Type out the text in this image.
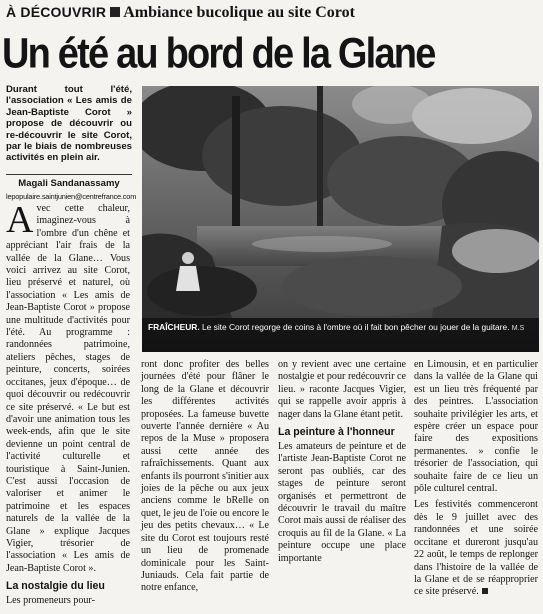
À DÉCOUVRIR Ambiance bucolique au site Corot
Un été au bord de la Glane
Durant tout l'été, l'association « Les amis de Jean-Baptiste Corot » propose de découvrir ou re-découvrir le site Corot, par le biais de nombreuses activités en plein air.
Magali Sandanassamy
lepopulaire.saintjunien@centrefrance.com
FRAÎCHEUR. Le site Corot regorge de coins à l'ombre où il fait bon pêcher ou jouer de la guitare. M.S

Avec cette chaleur, imaginez-vous à l'ombre d'un chêne et appréciant l'air frais de la vallée de la Glane… Vous voici arrivez au site Corot, lieu préservé et naturel, où l'association « Les amis de Jean-Baptiste Corot » propose une multitude d'activités pour l'été. Au programme : randonnées patrimoine, ateliers pêches, stages de peinture, concerts, soirées occitanes, jeux d'époque… de quoi découvrir ou redécouvrir ce site préservé. « Le but est d'avoir une animation tous les week-ends, afin que le site devienne un point central de l'activité culturelle et touristique à Saint-Junien. C'est aussi l'occasion de valoriser et animer le patrimoine et les espaces naturels de la vallée de la Glane » explique Jacques Vigier, trésorier de l'association « Les amis de Jean-Baptiste Corot ».

La nostalgie du lieu

Les promeneurs pour-

ront donc profiter des belles journées d'été pour flâner le long de la Glane et découvrir les différentes activités proposées. La fameuse buvette ouverte l'année dernière « Au repos de la Muse » proposera aussi cette année des rafraîchissements. Quant aux enfants ils pourront s'initier aux joies de la pêche ou aux jeux anciens comme le bRelle on quet, le jeu de l'oie ou encore le jeu des petits chevaux… « Le site du Corot est toujours resté un lieu de promenade dominicale pour les Saint-Juniauds. Cela fait partie de notre enfance,

on y revient avec une certaine nostalgie et pour redécouvrir ce lieu. » raconte Jacques Vigier, qui se rappelle avoir appris à nager dans la Glane étant petit.

La peinture à l'honneur

Les amateurs de peinture et de l'artiste Jean-Baptiste Corot ne seront pas oubliés, car des stages de peinture seront organisés et permettront de découvrir le travail du maître Corot mais aussi de réaliser des croquis au fil de la Glane. « La peinture occupe une place importante

en Limousin, et en particulier dans la vallée de la Glane qui est un lieu très fréquenté par des peintres. L'association souhaite privilégier les arts, et espère créer un espace pour faire des expositions permanentes. » confie le trésorier de l'association, qui souhaite faire de ce lieu un pôle culturel central.

Les festivités commenceront dès le 9 juillet avec des randonnées et une soirée occitane et dureront jusqu'au 22 août, le temps de replonger dans l'histoire de la vallée de la Glane et de se réapproprier ce site préservé.
